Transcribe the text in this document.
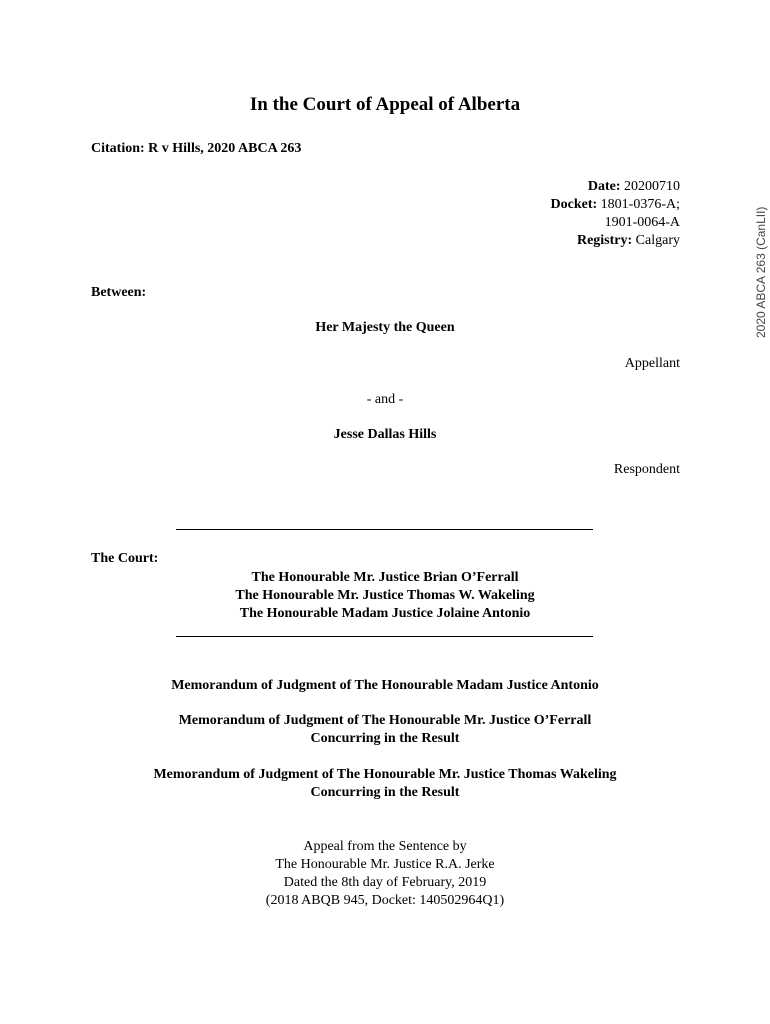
In the Court of Appeal of Alberta
Citation: R v Hills, 2020 ABCA 263
Date: 20200710
Docket: 1801-0376-A;
1901-0064-A
Registry: Calgary
Between:
Her Majesty the Queen
Appellant
- and -
Jesse Dallas Hills
Respondent
The Court:
The Honourable Mr. Justice Brian O’Ferrall
The Honourable Mr. Justice Thomas W. Wakeling
The Honourable Madam Justice Jolaine Antonio
Memorandum of Judgment of The Honourable Madam Justice Antonio
Memorandum of Judgment of The Honourable Mr. Justice O’Ferrall
Concurring in the Result
Memorandum of Judgment of The Honourable Mr. Justice Thomas Wakeling
Concurring in the Result
Appeal from the Sentence by
The Honourable Mr. Justice R.A. Jerke
Dated the 8th day of February, 2019
(2018 ABQB 945, Docket: 140502964Q1)
2020 ABCA 263 (CanLII)
